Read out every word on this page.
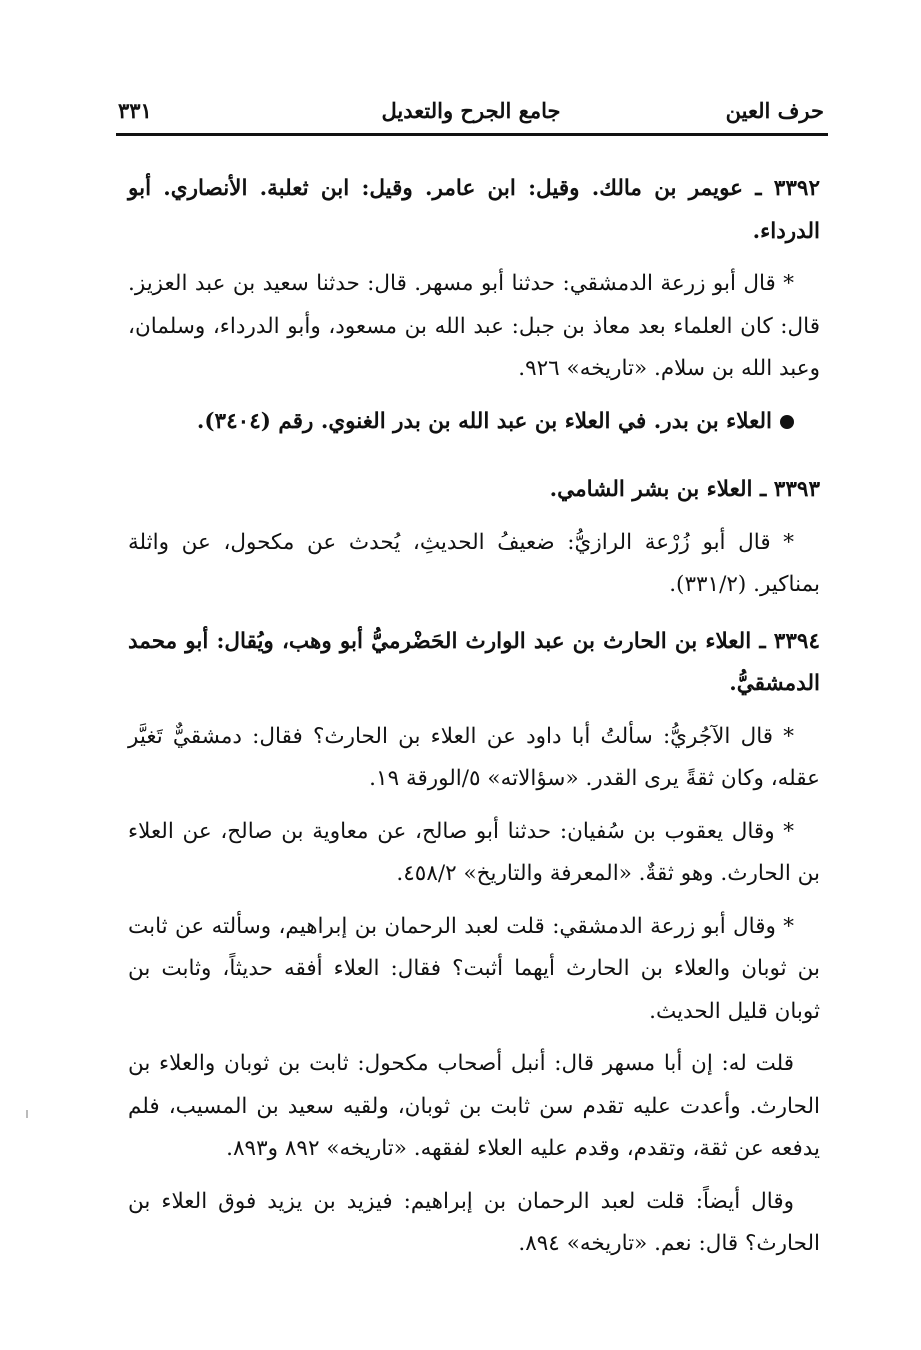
حرف العين
جامع الجرح والتعديل
٣٣١

٣٣٩٢ ـ عويمر بن مالك. وقيل: ابن عامر. وقيل: ابن ثعلبة. الأنصاري. أبو الدرداء.

* قال أبو زرعة الدمشقي: حدثنا أبو مسهر. قال: حدثنا سعيد بن عبد العزيز. قال: كان العلماء بعد معاذ بن جبل: عبد الله بن مسعود، وأبو الدرداء، وسلمان، وعبد الله بن سلام. «تاريخه» ٩٢٦.

العلاء بن بدر. في العلاء بن عبد الله بن بدر الغنوي. رقم (٣٤٠٤).

٣٣٩٣ ـ العلاء بن بشر الشامي.

* قال أبو زُرْعة الرازيُّ: ضعيفُ الحديثِ، يُحدث عن مكحول، عن واثلة بمناكير. (٣٣١/٢).

٣٣٩٤ ـ العلاء بن الحارث بن عبد الوارث الحَضْرميُّ أبو وهب، ويُقال: أبو محمد الدمشقيُّ.

* قال الآجُريُّ: سألتُ أبا داود عن العلاء بن الحارث؟ فقال: دمشقيٌّ تَغيَّر عقله، وكان ثقةً يرى القدر. «سؤالاته» ٥/الورقة ١٩.

* وقال يعقوب بن سُفيان: حدثنا أبو صالح، عن معاوية بن صالح، عن العلاء بن الحارث. وهو ثقةٌ. «المعرفة والتاريخ» ٤٥٨/٢.

* وقال أبو زرعة الدمشقي: قلت لعبد الرحمان بن إبراهيم، وسألته عن ثابت بن ثوبان والعلاء بن الحارث أيهما أثبت؟ فقال: العلاء أفقه حديثاً، وثابت بن ثوبان قليل الحديث.

قلت له: إن أبا مسهر قال: أنبل أصحاب مكحول: ثابت بن ثوبان والعلاء بن الحارث. وأعدت عليه تقدم سن ثابت بن ثوبان، ولقيه سعيد بن المسيب، فلم يدفعه عن ثقة، وتقدم، وقدم عليه العلاء لفقهه. «تاريخه» ٨٩٢ و٨٩٣.

وقال أيضاً: قلت لعبد الرحمان بن إبراهيم: فيزيد بن يزيد فوق العلاء بن الحارث؟ قال: نعم. «تاريخه» ٨٩٤.
